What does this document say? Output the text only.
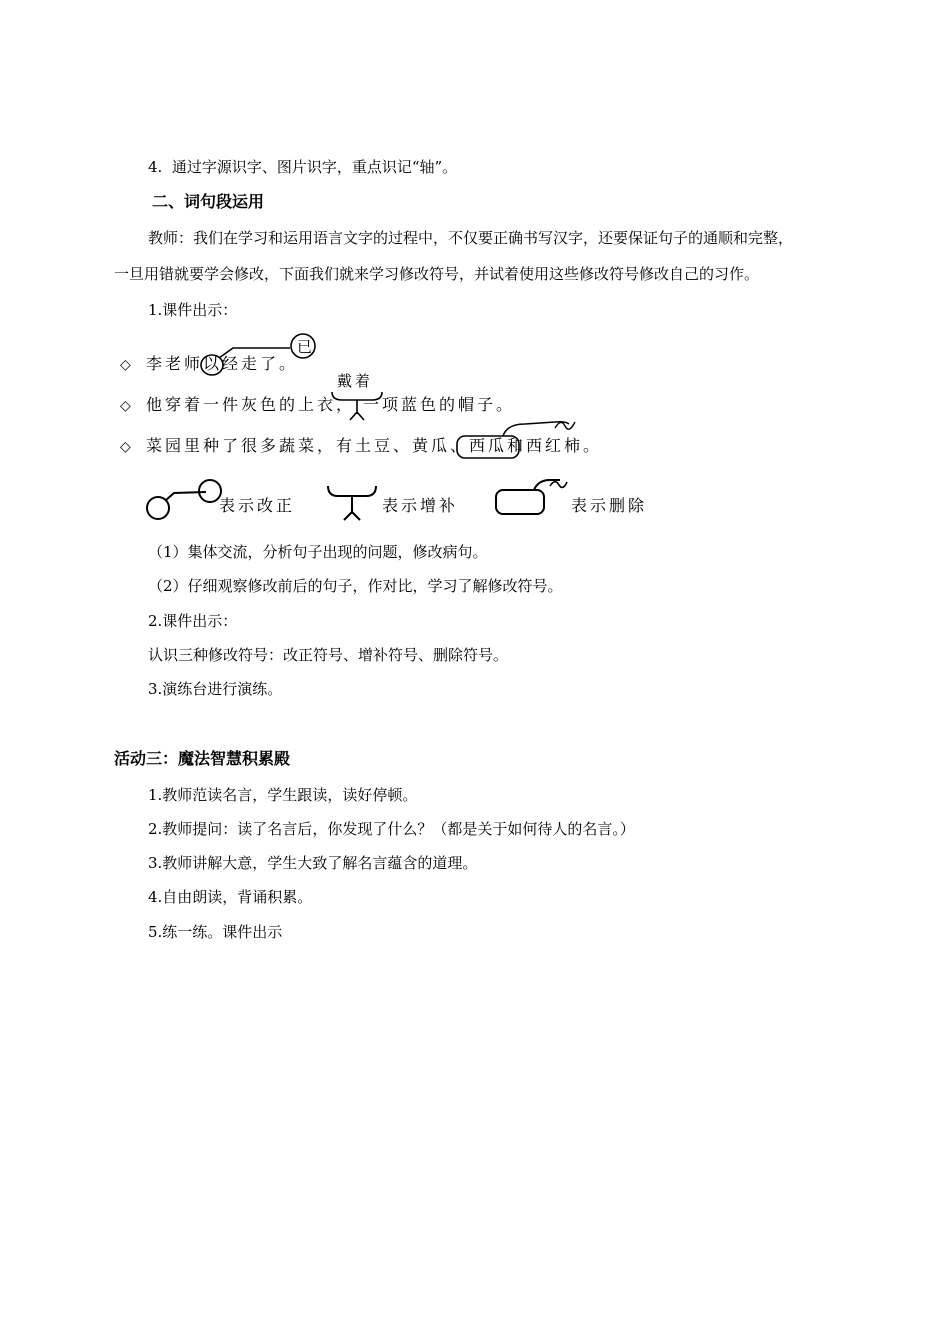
4.  通过字源识字、图片识字，重点识记“轴”。
二、词句段运用
教师：我们在学习和运用语言文字的过程中，不仅要正确书写汉字，还要保证句子的通顺和完整，
一旦用错就要学会修改，下面我们就来学习修改符号，并试着使用这些修改符号修改自己的习作。
1.课件出示：
◇ 李老师以经走了。
已
◇ 他穿着一件灰色的上衣， 一项蓝色的帽子。
戴着
◇ 菜园里种了很多蔬菜，有土豆、黄瓜、西瓜和西红柿。
表示改正	表示增补	表示删除
（1）集体交流，分析句子出现的问题，修改病句。
（2）仔细观察修改前后的句子，作对比，学习了解修改符号。
2.课件出示：
认识三种修改符号：改正符号、增补符号、删除符号。
3.演练台进行演练。
活动三：魔法智慧积累殿
1.教师范读名言，学生跟读，读好停顿。
2.教师提问：读了名言后，你发现了什么？（都是关于如何待人的名言。）
3.教师讲解大意，学生大致了解名言蕴含的道理。
4.自由朗读，背诵积累。
5.练一练。课件出示
